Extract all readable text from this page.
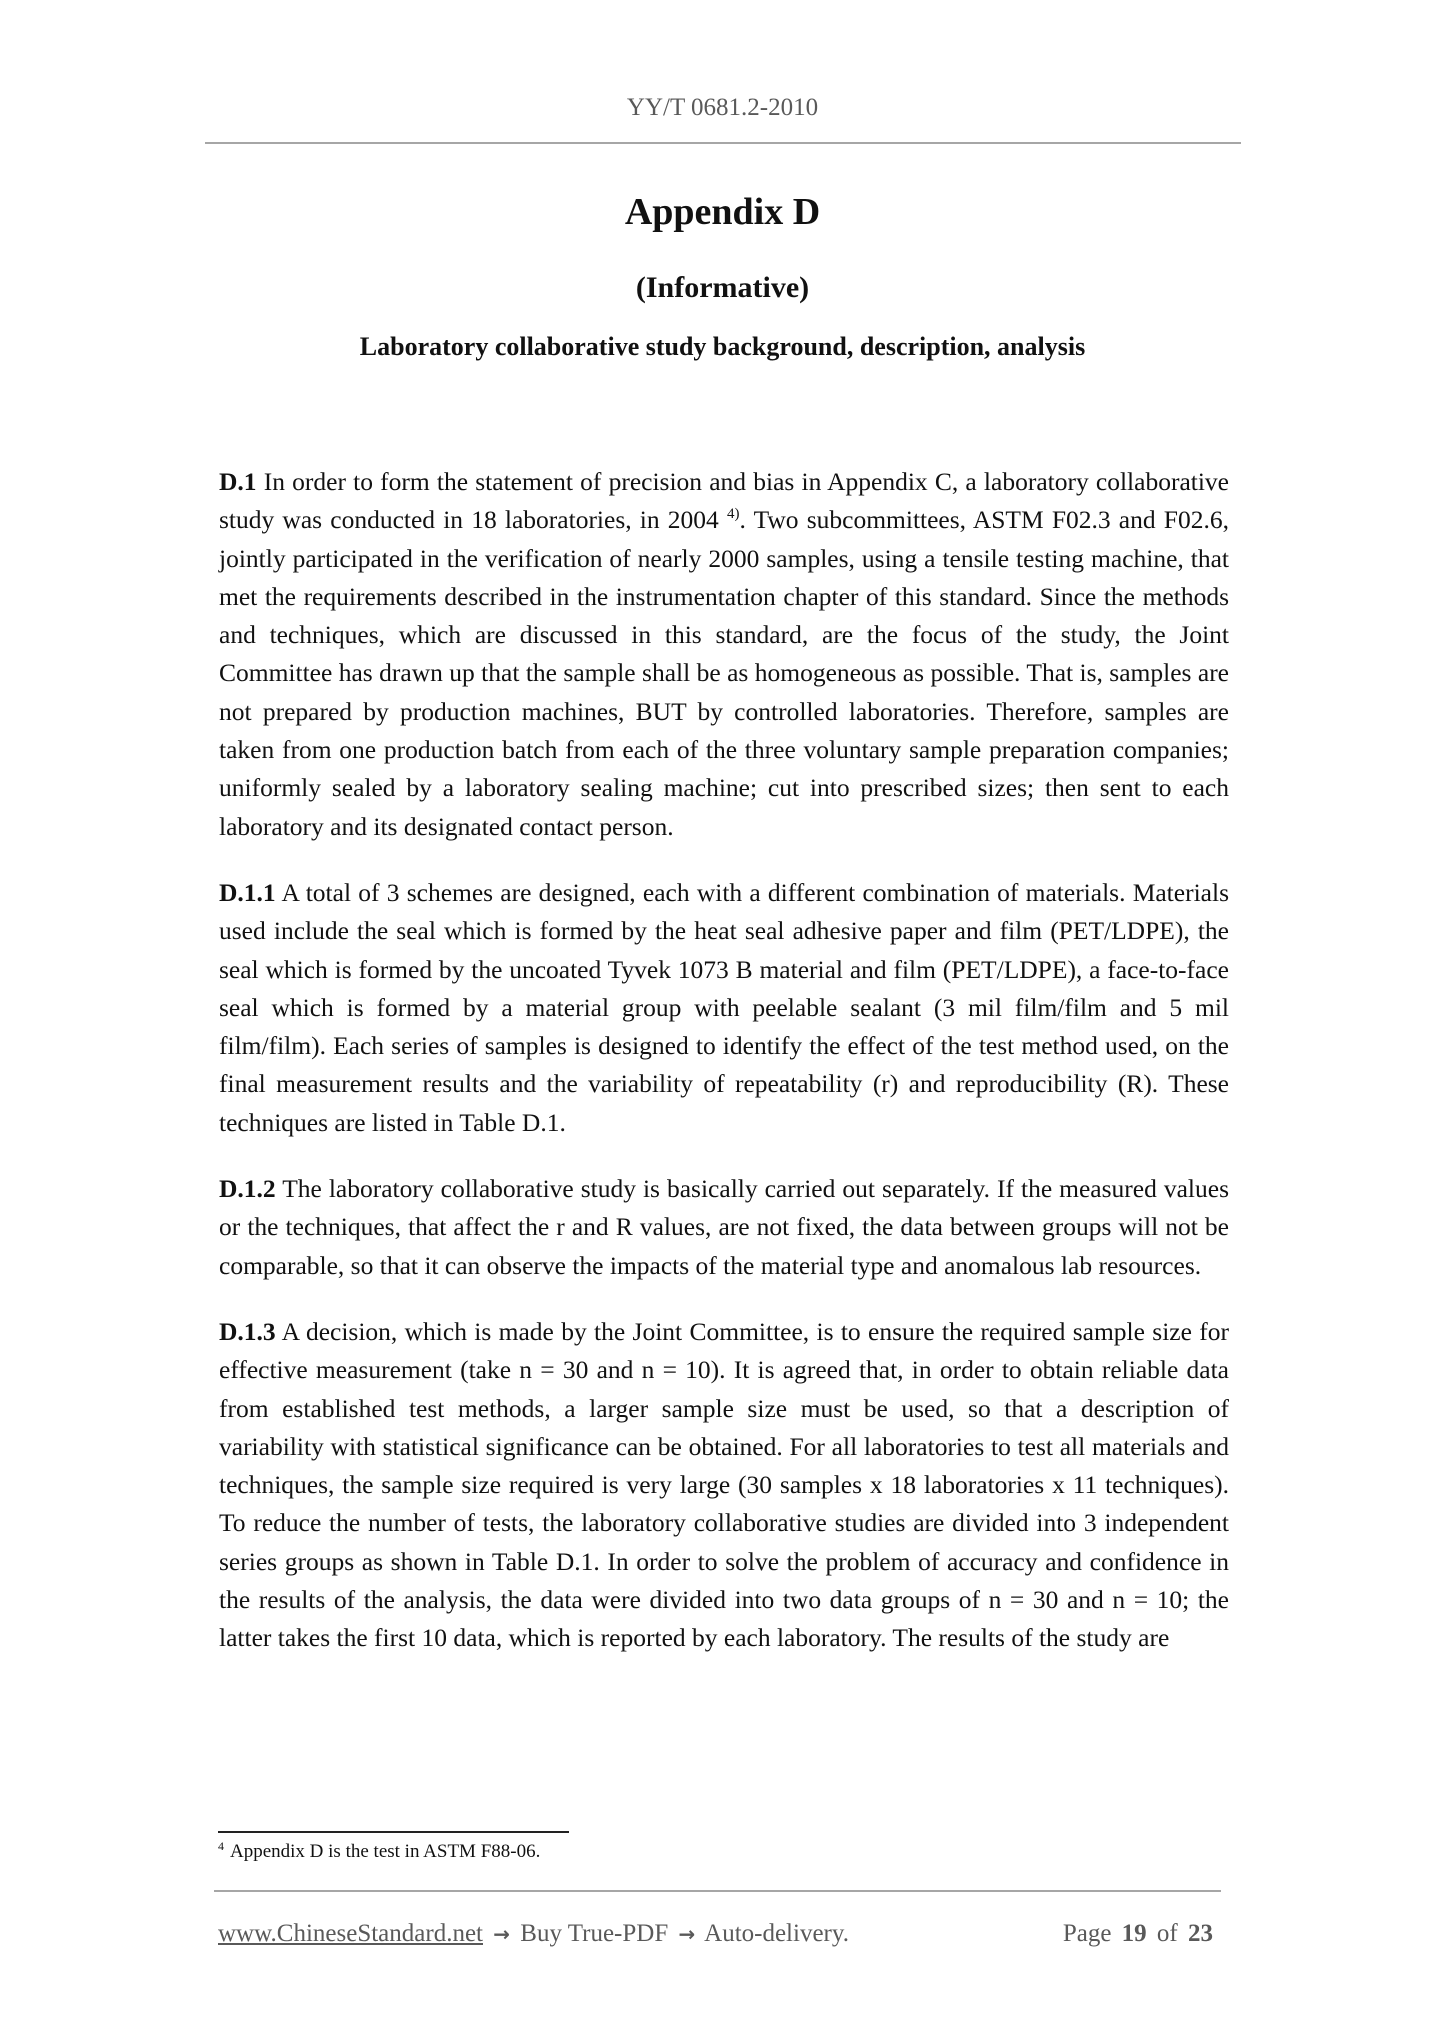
YY/T 0681.2-2010
Appendix D
(Informative)
Laboratory collaborative study background, description, analysis

D.1 In order to form the statement of precision and bias in Appendix C, a laboratory collaborative study was conducted in 18 laboratories, in 2004 $^{4)}$. Two subcommittees, ASTM F02.3 and F02.6, jointly participated in the verification of nearly 2000 samples, using a tensile testing machine, that met the requirements described in the instrumentation chapter of this standard. Since the methods and techniques, which are discussed in this standard, are the focus of the study, the Joint Committee has drawn up that the sample shall be as homogeneous as possible. That is, samples are not prepared by production machines, BUT by controlled laboratories. Therefore, samples are taken from one production batch from each of the three voluntary sample preparation companies; uniformly sealed by a laboratory sealing machine; cut into prescribed sizes; then sent to each laboratory and its designated contact person.

D.1.1 A total of 3 schemes are designed, each with a different combination of materials. Materials used include the seal which is formed by the heat seal adhesive paper and film (PET/LDPE), the seal which is formed by the uncoated Tyvek 1073 B material and film (PET/LDPE), a face-to-face seal which is formed by a material group with peelable sealant (3 mil film/film and 5 mil film/film). Each series of samples is designed to identify the effect of the test method used, on the final measurement results and the variability of repeatability (r) and reproducibility (R). These techniques are listed in Table D.1.

D.1.2 The laboratory collaborative study is basically carried out separately. If the measured values or the techniques, that affect the r and R values, are not fixed, the data between groups will not be comparable, so that it can observe the impacts of the material type and anomalous lab resources.

D.1.3 A decision, which is made by the Joint Committee, is to ensure the required sample size for effective measurement (take n = 30 and n = 10). It is agreed that, in order to obtain reliable data from established test methods, a larger sample size must be used, so that a description of variability with statistical significance can be obtained. For all laboratories to test all materials and techniques, the sample size required is very large (30 samples x 18 laboratories x 11 techniques). To reduce the number of tests, the laboratory collaborative studies are divided into 3 independent series groups as shown in Table D.1. In order to solve the problem of accuracy and confidence in the results of the analysis, the data were divided into two data groups of n = 30 and n = 10; the latter takes the first 10 data, which is reported by each laboratory. The results of the study are

$^4$ Appendix D is the test in ASTM F88-06.
www.ChineseStandard.net → Buy True-PDF → Auto-delivery.	Page 19 of 23
